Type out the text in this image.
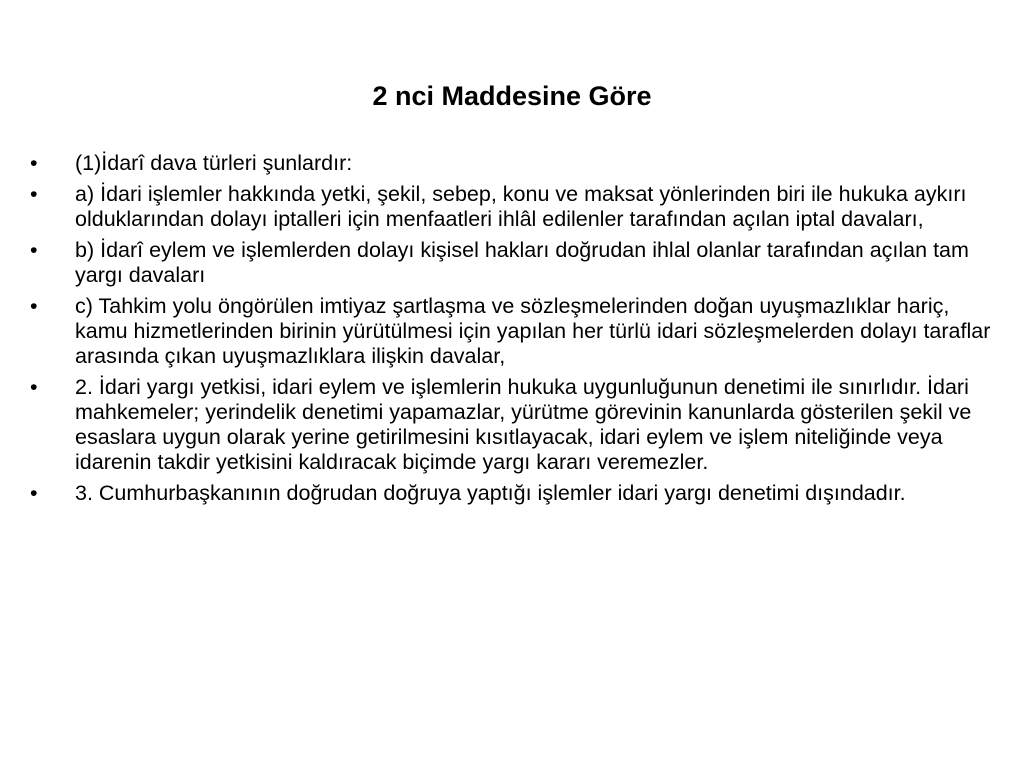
2 nci Maddesine Göre
•	(1)İdarî dava türleri şunlardır:
•	a) İdari işlemler hakkında yetki, şekil, sebep, konu ve maksat yönlerinden biri ile hukuka aykırı olduklarından dolayı iptalleri için menfaatleri ihlâl edilenler tarafından açılan iptal davaları,
•	b) İdarî eylem ve işlemlerden dolayı kişisel hakları doğrudan ihlal olanlar tarafından açılan tam yargı davaları
•	c) Tahkim yolu öngörülen imtiyaz şartlaşma ve sözleşmelerinden doğan uyuşmazlıklar hariç, kamu hizmetlerinden birinin yürütülmesi için yapılan her türlü idari sözleşmelerden dolayı taraflar arasında çıkan uyuşmazlıklara ilişkin davalar,
•	2. İdari yargı yetkisi, idari eylem ve işlemlerin hukuka uygunluğunun denetimi ile sınırlıdır. İdari mahkemeler; yerindelik denetimi yapamazlar, yürütme görevinin kanunlarda gösterilen şekil ve esaslara uygun olarak yerine getirilmesini kısıtlayacak, idari eylem ve işlem niteliğinde veya idarenin takdir yetkisini kaldıracak biçimde yargı kararı veremezler.
•	3. Cumhurbaşkanının doğrudan doğruya yaptığı işlemler idari yargı denetimi dışındadır.
